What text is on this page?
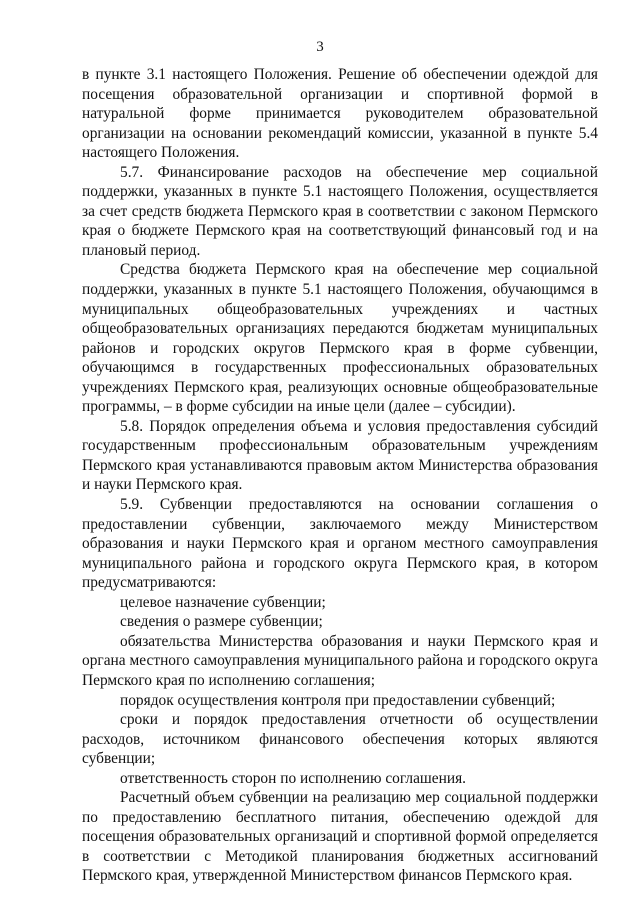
3

в пункте 3.1 настоящего Положения. Решение об обеспечении одеждой для посещения образовательной организации и спортивной формой в натуральной форме принимается руководителем образовательной организации на основании рекомендаций комиссии, указанной в пункте 5.4 настоящего Положения.

5.7. Финансирование расходов на обеспечение мер социальной поддержки, указанных в пункте 5.1 настоящего Положения, осуществляется за счет средств бюджета Пермского края в соответствии с законом Пермского края о бюджете Пермского края на соответствующий финансовый год и на плановый период.

Средства бюджета Пермского края на обеспечение мер социальной поддержки, указанных в пункте 5.1 настоящего Положения, обучающимся в муниципальных общеобразовательных учреждениях и частных общеобразовательных организациях передаются бюджетам муниципальных районов и городских округов Пермского края в форме субвенции, обучающимся в государственных профессиональных образовательных учреждениях Пермского края, реализующих основные общеобразовательные программы, – в форме субсидии на иные цели (далее – субсидии).

5.8. Порядок определения объема и условия предоставления субсидий государственным профессиональным образовательным учреждениям Пермского края устанавливаются правовым актом Министерства образования и науки Пермского края.

5.9. Субвенции предоставляются на основании соглашения о предоставлении субвенции, заключаемого между Министерством образования и науки Пермского края и органом местного самоуправления муниципального района и городского округа Пермского края, в котором предусматриваются:

целевое назначение субвенции;

сведения о размере субвенции;

обязательства Министерства образования и науки Пермского края и органа местного самоуправления муниципального района и городского округа Пермского края по исполнению соглашения;

порядок осуществления контроля при предоставлении субвенций;

сроки и порядок предоставления отчетности об осуществлении расходов, источником финансового обеспечения которых являются субвенции;

ответственность сторон по исполнению соглашения.

Расчетный объем субвенции на реализацию мер социальной поддержки по предоставлению бесплатного питания, обеспечению одеждой для посещения образовательных организаций и спортивной формой определяется в соответствии с Методикой планирования бюджетных ассигнований Пермского края, утвержденной Министерством финансов Пермского края.
